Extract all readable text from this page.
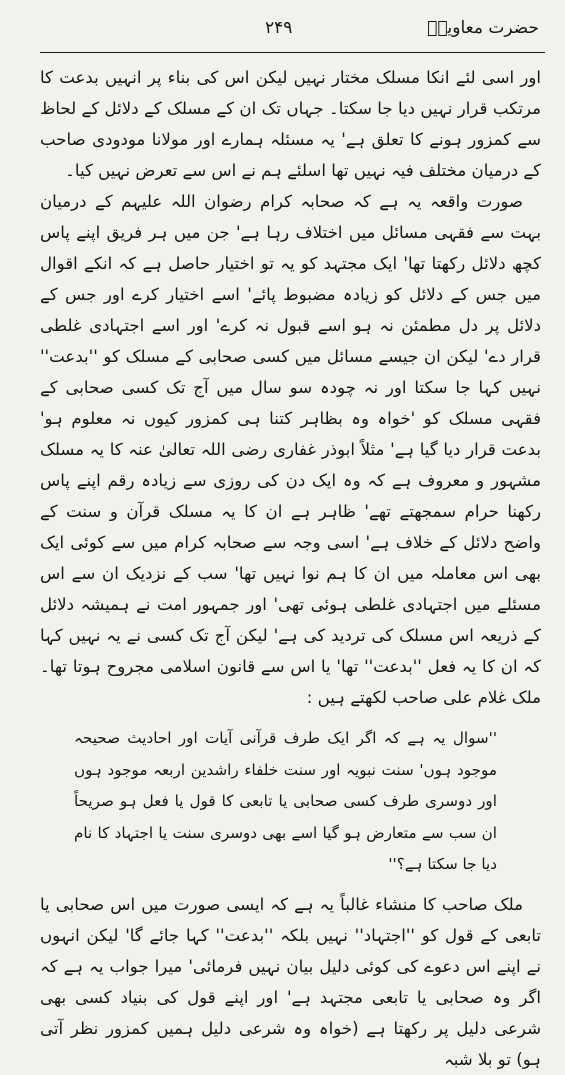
حضرت معاویہؓ
۲۴۹

اور اسی لئے انکا مسلک مختار نہیں لیکن اس کی بناء پر انہیں بدعت کا مرتکب قرار نہیں دیا جا سکتا۔ جہاں تک ان کے مسلک کے دلائل کے لحاظ سے کمزور ہونے کا تعلق ہے' یہ مسئلہ ہمارے اور مولانا مودودی صاحب کے درمیان مختلف فیہ نہیں تھا اسلئے ہم نے اس سے تعرض نہیں کیا۔

صورت واقعہ یہ ہے کہ صحابہ کرام رضوان اللہ علیہم کے درمیان بہت سے فقہی مسائل میں اختلاف رہا ہے' جن میں ہر فریق اپنے پاس کچھ دلائل رکھتا تھا' ایک مجتہد کو یہ تو اختیار حاصل ہے کہ انکے اقوال میں جس کے دلائل کو زیادہ مضبوط پائے' اسے اختیار کرے اور جس کے دلائل پر دل مطمئن نہ ہو اسے قبول نہ کرے' اور اسے اجتہادی غلطی قرار دے' لیکن ان جیسے مسائل میں کسی صحابی کے مسلک کو ''بدعت'' نہیں کہا جا سکتا اور نہ چودہ سو سال میں آج تک کسی صحابی کے فقہی مسلک کو 'خواہ وہ بظاہر کتنا ہی کمزور کیوں نہ معلوم ہو' بدعت قرار دیا گیا ہے' مثلاً ابوذر غفاری رضی اللہ تعالیٰ عنہ کا یہ مسلک مشہور و معروف ہے کہ وہ ایک دن کی روزی سے زیادہ رقم اپنے پاس رکھنا حرام سمجھتے تھے' ظاہر ہے ان کا یہ مسلک قرآن و سنت کے واضح دلائل کے خلاف ہے' اسی وجہ سے صحابہ کرام میں سے کوئی ایک بھی اس معاملہ میں ان کا ہم نوا نہیں تھا' سب کے نزدیک ان سے اس مسئلے میں اجتہادی غلطی ہوئی تھی' اور جمہور امت نے ہمیشہ دلائل کے ذریعہ اس مسلک کی تردید کی ہے' لیکن آج تک کسی نے یہ نہیں کہا کہ ان کا یہ فعل ''بدعت'' تھا' یا اس سے قانون اسلامی مجروح ہوتا تھا۔ ملک غلام علی صاحب لکھتے ہیں :

''سوال یہ ہے کہ اگر ایک طرف قرآنی آیات اور احادیث صحیحہ موجود ہوں' سنت نبویہ اور سنت خلفاء راشدین اربعہ موجود ہوں اور دوسری طرف کسی صحابی یا تابعی کا قول یا فعل ہو صریحاً ان سب سے متعارض ہو گیا اسے بھی دوسری سنت یا اجتہاد کا نام دیا جا سکتا ہے؟''

ملک صاحب کا منشاء غالباً یہ ہے کہ ایسی صورت میں اس صحابی یا تابعی کے قول کو ''اجتہاد'' نہیں بلکہ ''بدعت'' کہا جائے گا' لیکن انہوں نے اپنے اس دعوے کی کوئی دلیل بیان نہیں فرمائی' میرا جواب یہ ہے کہ اگر وہ صحابی یا تابعی مجتہد ہے' اور اپنے قول کی بنیاد کسی بھی شرعی دلیل پر رکھتا ہے (خواہ وہ شرعی دلیل ہمیں کمزور نظر آتی ہو) تو بلا شبہ
